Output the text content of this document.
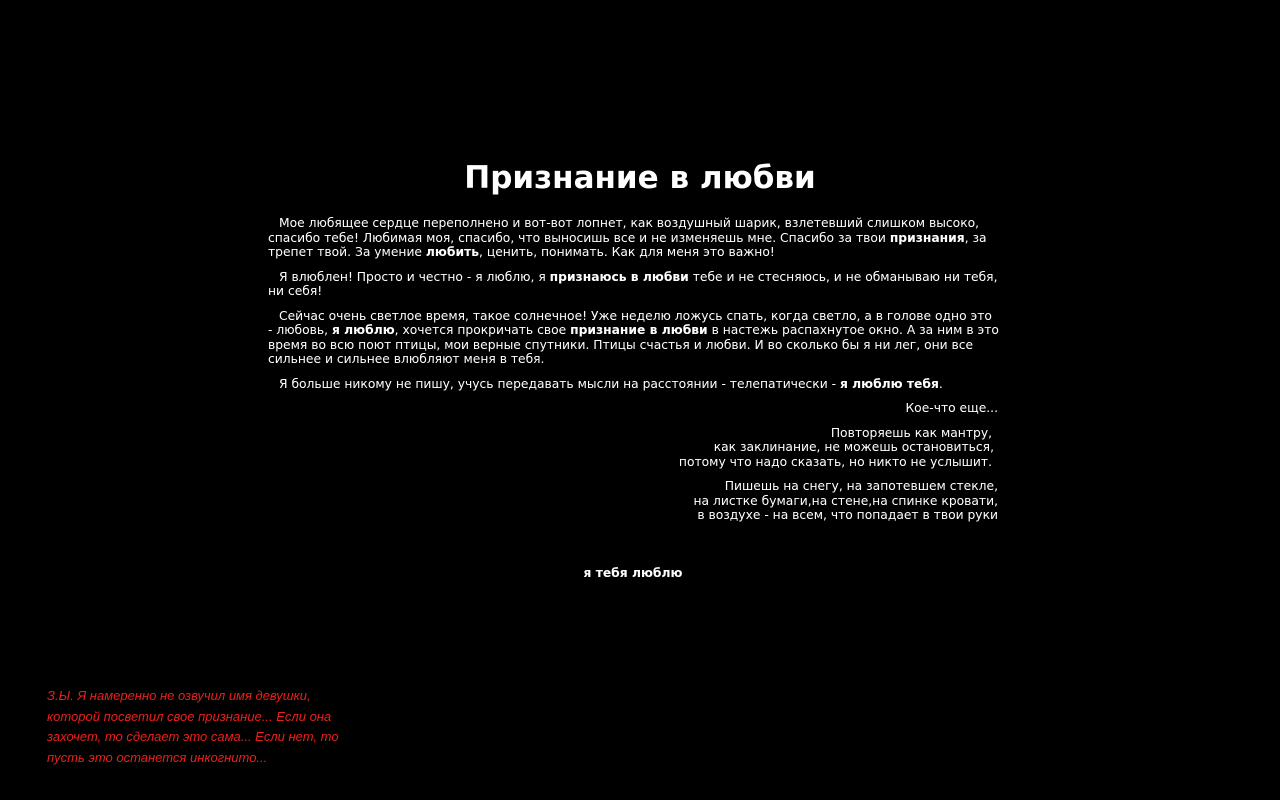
Признание в любви

Мое любящее сердце переполнено и вот-вот лопнет, как воздушный шарик, взлетевший слишком высоко, спасибо тебе! Любимая моя, спасибо, что выносишь все и не изменяешь мне. Спасибо за твои признания, за трепет твой. За умение любить, ценить, понимать. Как для меня это важно!

Я влюблен! Просто и честно - я люблю, я признаюсь в любви тебе и не стесняюсь, и не обманываю ни тебя, ни себя!

Сейчас очень светлое время, такое солнечное! Уже неделю ложусь спать, когда светло, а в голове одно это - любовь, я люблю, хочется прокричать свое признание в любви в настежь распахнутое окно. А за ним в это время во всю поют птицы, мои верные спутники. Птицы счастья и любви. И во сколько бы я ни лег, они все сильнее и сильнее влюбляют меня в тебя.

Я больше никому не пишу, учусь передавать мысли на расстоянии - телепатически - я люблю тебя.

Кое-что еще...

Повторяешь как мантру,
как заклинание, не можешь остановиться,
потому что надо сказать, но никто не услышит.

Пишешь на снегу, на запотевшем стекле,
на листке бумаги,на стене,на спинке кровати,
в воздухе - на всем, что попадает в твои руки

я тебя люблю
З.Ы. Я намеренно не озвучил имя девушки,
которой посветил свое признание... Если она
захочет, то сделает это сама... Если нет, то
пусть это останется инкогнито...
